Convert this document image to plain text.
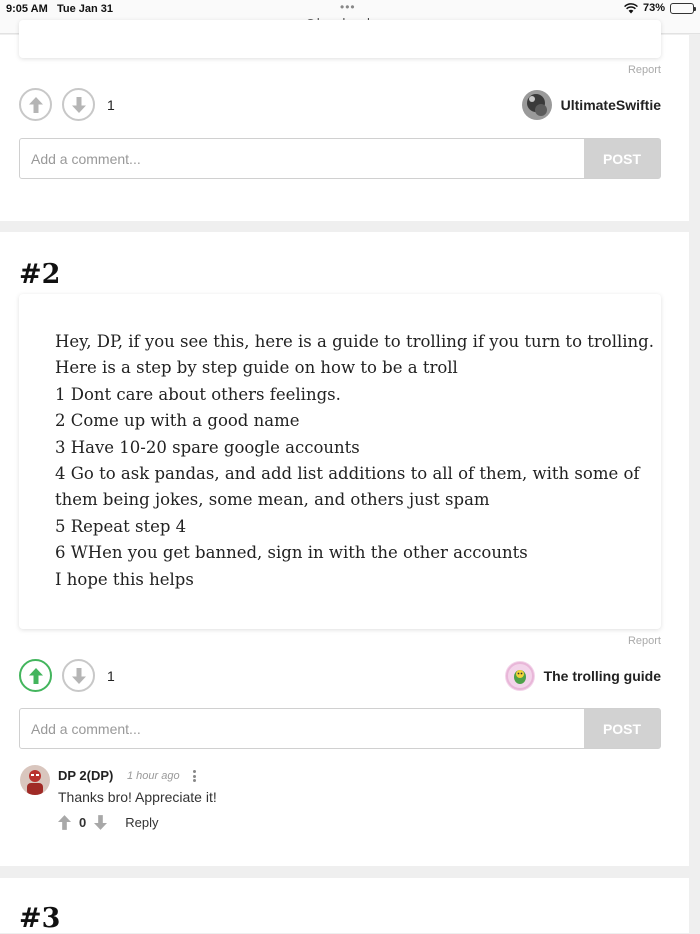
9:05 AM Tue Jan 31	•••	73%
Report
1	UltimateSwiftie
Add a comment...
POST
#2
Hey, DP, if you see this, here is a guide to trolling if you turn to trolling.
Here is a step by step guide on how to be a troll
1 Dont care about others feelings.
2 Come up with a good name
3 Have 10-20 spare google accounts
4 Go to ask pandas, and add list additions to all of them, with some of
them being jokes, some mean, and others just spam
5 Repeat step 4
6 WHen you get banned, sign in with the other accounts
I hope this helps
Report
1	The trolling guide
Add a comment...
POST
DP 2(DP) 1 hour ago
Thanks bro! Appreciate it!
0	Reply
#3
